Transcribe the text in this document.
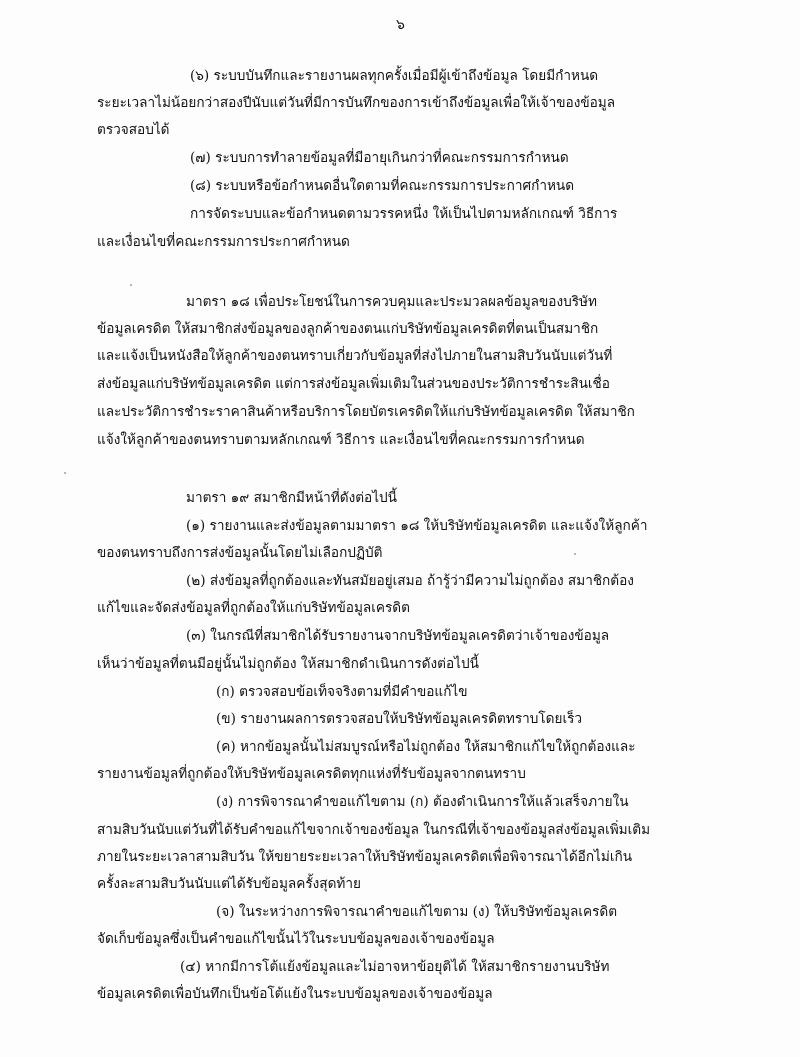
๖

(๖) ระบบบันทึกและรายงานผลทุกครั้งเมื่อมีผู้เข้าถึงข้อมูล โดยมีกำหนด

ระยะเวลาไม่น้อยกว่าสองปีนับแต่วันที่มีการบันทึกของการเข้าถึงข้อมูลเพื่อให้เจ้าของข้อมูล

ตรวจสอบได้

(๗) ระบบการทำลายข้อมูลที่มีอายุเกินกว่าที่คณะกรรมการกำหนด

(๘) ระบบหรือข้อกำหนดอื่นใดตามที่คณะกรรมการประกาศกำหนด

การจัดระบบและข้อกำหนดตามวรรคหนึ่ง ให้เป็นไปตามหลักเกณฑ์ วิธีการ

และเงื่อนไขที่คณะกรรมการประกาศกำหนด

มาตรา ๑๘ เพื่อประโยชน์ในการควบคุมและประมวลผลข้อมูลของบริษัท

ข้อมูลเครดิต ให้สมาชิกส่งข้อมูลของลูกค้าของตนแก่บริษัทข้อมูลเครดิตที่ตนเป็นสมาชิก

และแจ้งเป็นหนังสือให้ลูกค้าของตนทราบเกี่ยวกับข้อมูลที่ส่งไปภายในสามสิบวันนับแต่วันที่

ส่งข้อมูลแก่บริษัทข้อมูลเครดิต แต่การส่งข้อมูลเพิ่มเติมในส่วนของประวัติการชำระสินเชื่อ

และประวัติการชำระราคาสินค้าหรือบริการโดยบัตรเครดิตให้แก่บริษัทข้อมูลเครดิต ให้สมาชิก

แจ้งให้ลูกค้าของตนทราบตามหลักเกณฑ์ วิธีการ และเงื่อนไขที่คณะกรรมการกำหนด

มาตรา ๑๙ สมาชิกมีหน้าที่ดังต่อไปนี้

(๑) รายงานและส่งข้อมูลตามมาตรา ๑๘ ให้บริษัทข้อมูลเครดิต และแจ้งให้ลูกค้า

ของตนทราบถึงการส่งข้อมูลนั้นโดยไม่เลือกปฏิบัติ

(๒) ส่งข้อมูลที่ถูกต้องและทันสมัยอยู่เสมอ ถ้ารู้ว่ามีความไม่ถูกต้อง สมาชิกต้อง

แก้ไขและจัดส่งข้อมูลที่ถูกต้องให้แก่บริษัทข้อมูลเครดิต

(๓) ในกรณีที่สมาชิกได้รับรายงานจากบริษัทข้อมูลเครดิตว่าเจ้าของข้อมูล

เห็นว่าข้อมูลที่ตนมีอยู่นั้นไม่ถูกต้อง ให้สมาชิกดำเนินการดังต่อไปนี้

(ก) ตรวจสอบข้อเท็จจริงตามที่มีคำขอแก้ไข

(ข) รายงานผลการตรวจสอบให้บริษัทข้อมูลเครดิตทราบโดยเร็ว

(ค) หากข้อมูลนั้นไม่สมบูรณ์หรือไม่ถูกต้อง ให้สมาชิกแก้ไขให้ถูกต้องและ

รายงานข้อมูลที่ถูกต้องให้บริษัทข้อมูลเครดิตทุกแห่งที่รับข้อมูลจากตนทราบ

(ง) การพิจารณาคำขอแก้ไขตาม (ก) ต้องดำเนินการให้แล้วเสร็จภายใน

สามสิบวันนับแต่วันที่ได้รับคำขอแก้ไขจากเจ้าของข้อมูล ในกรณีที่เจ้าของข้อมูลส่งข้อมูลเพิ่มเติม

ภายในระยะเวลาสามสิบวัน ให้ขยายระยะเวลาให้บริษัทข้อมูลเครดิตเพื่อพิจารณาได้อีกไม่เกิน

ครั้งละสามสิบวันนับแต่ได้รับข้อมูลครั้งสุดท้าย

(จ) ในระหว่างการพิจารณาคำขอแก้ไขตาม (ง) ให้บริษัทข้อมูลเครดิต

จัดเก็บข้อมูลซึ่งเป็นคำขอแก้ไขนั้นไว้ในระบบข้อมูลของเจ้าของข้อมูล

(๔) หากมีการโต้แย้งข้อมูลและไม่อาจหาข้อยุติได้ ให้สมาชิกรายงานบริษัท

ข้อมูลเครดิตเพื่อบันทึกเป็นข้อโต้แย้งในระบบข้อมูลของเจ้าของข้อมูล
